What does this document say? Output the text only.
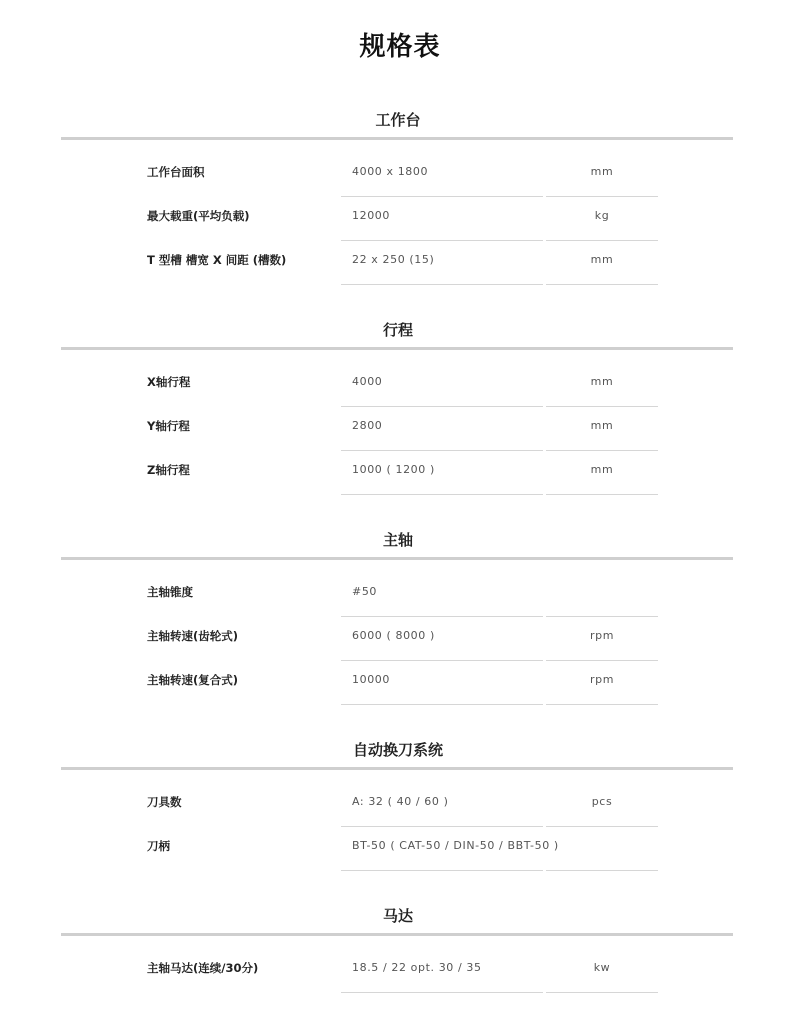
规格表
工作台
工作台面积	4000 x 1800	mm
最大载重(平均负载)	12000	kg
T 型槽 槽宽 X 间距 (槽数)	22 x 250 (15)	mm
行程
X轴行程	4000	mm
Y轴行程	2800	mm
Z轴行程	1000 ( 1200 )	mm
主轴
主轴锥度	#50
主轴转速(齿轮式)	6000 ( 8000 )	rpm
主轴转速(复合式)	10000	rpm
自动换刀系统
刀具数	A: 32 ( 40 / 60 )	pcs
刀柄	BT-50 ( CAT-50 / DIN-50 / BBT-50 )
马达
主轴马达(连续/30分)	18.5 / 22 opt. 30 / 35	kw
